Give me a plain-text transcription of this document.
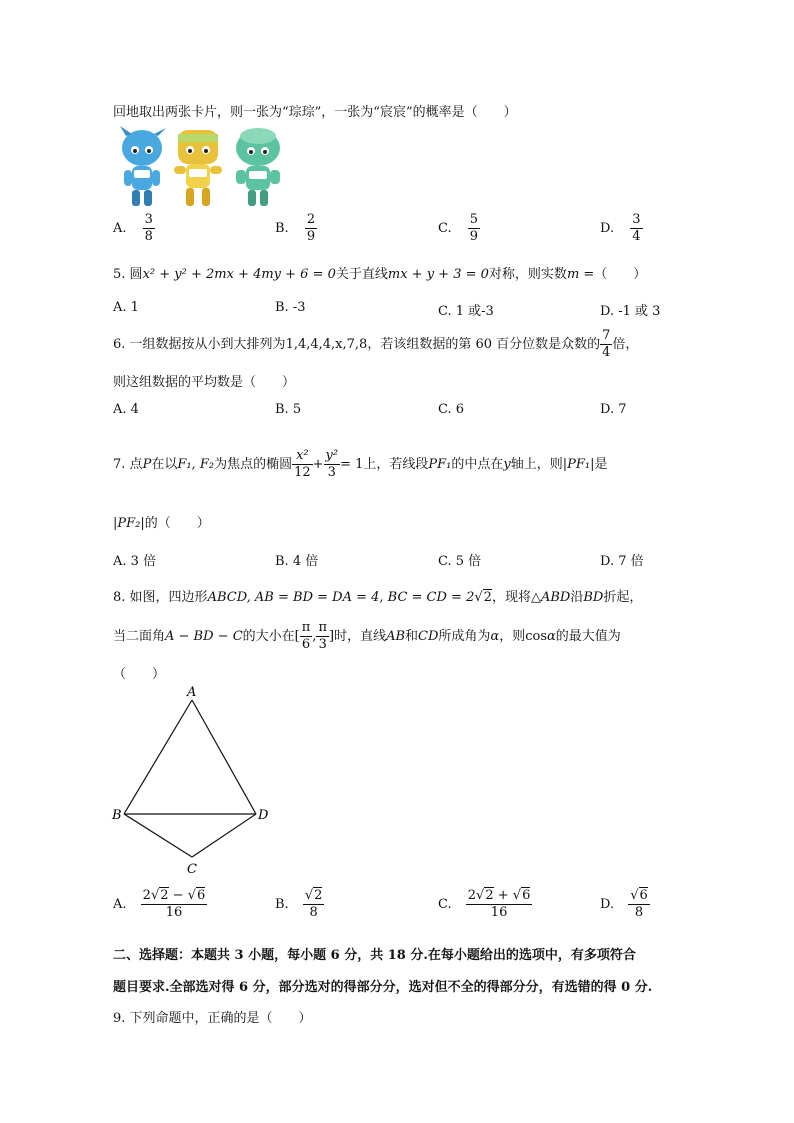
回地取出两张卡片，则一张为“琮琮”，一张为“宸宸”的概率是（　　）
A. $\frac{3}{8}$	B. $\frac{2}{9}$	C. $\frac{5}{9}$	D. $\frac{3}{4}$
5. 圆x² + y² + 2mx + 4my + 6 = 0关于直线mx + y + 3 = 0对称，则实数m =（　　）
A. 1	B. -3	C. 1 或-3	D. -1 或 3
6. 一组数据按从小到大排列为1,4,4,4,x,7,8，若该组数据的第 60 百分位数是众数的 $\frac{7}{4}$ 倍，
则这组数据的平均数是（　　）
A. 4	B. 5	C. 6	D. 7
7. 点P在以F₁, F₂为焦点的椭圆 $\frac{\text{x²}}{12} + \frac{\text{y²}}{3} = 1$上，若线段PF₁的中点在y轴上，则|PF₁|是
|PF₂|的（　　）
A. 3 倍	B. 4 倍	C. 5 倍	D. 7 倍
8. 如图，四边形ABCD, AB = BD = DA = 4, BC = CD = 2√2，现将△ABD沿BD折起，
当二面角A − BD − C的大小在[ $\frac{\pi}{6}$ , $\frac{\pi}{3}$ ]时，直线AB和CD所成角为α，则cosα的最大值为
（　　）
A
B	D
C
A. $\frac{2√2 - √6}{16}$	B. $\frac{√2}{8}$	C. $\frac{2√2 + √6}{16}$	D. $\frac{√6}{8}$
二、选择题：本题共 3 小题，每小题 6 分，共 18 分.在每小题给出的选项中，有多项符合
题目要求.全部选对得 6 分，部分选对的得部分分，选对但不全的得部分分，有选错的得 0 分.
9. 下列命题中，正确的是（　　）
